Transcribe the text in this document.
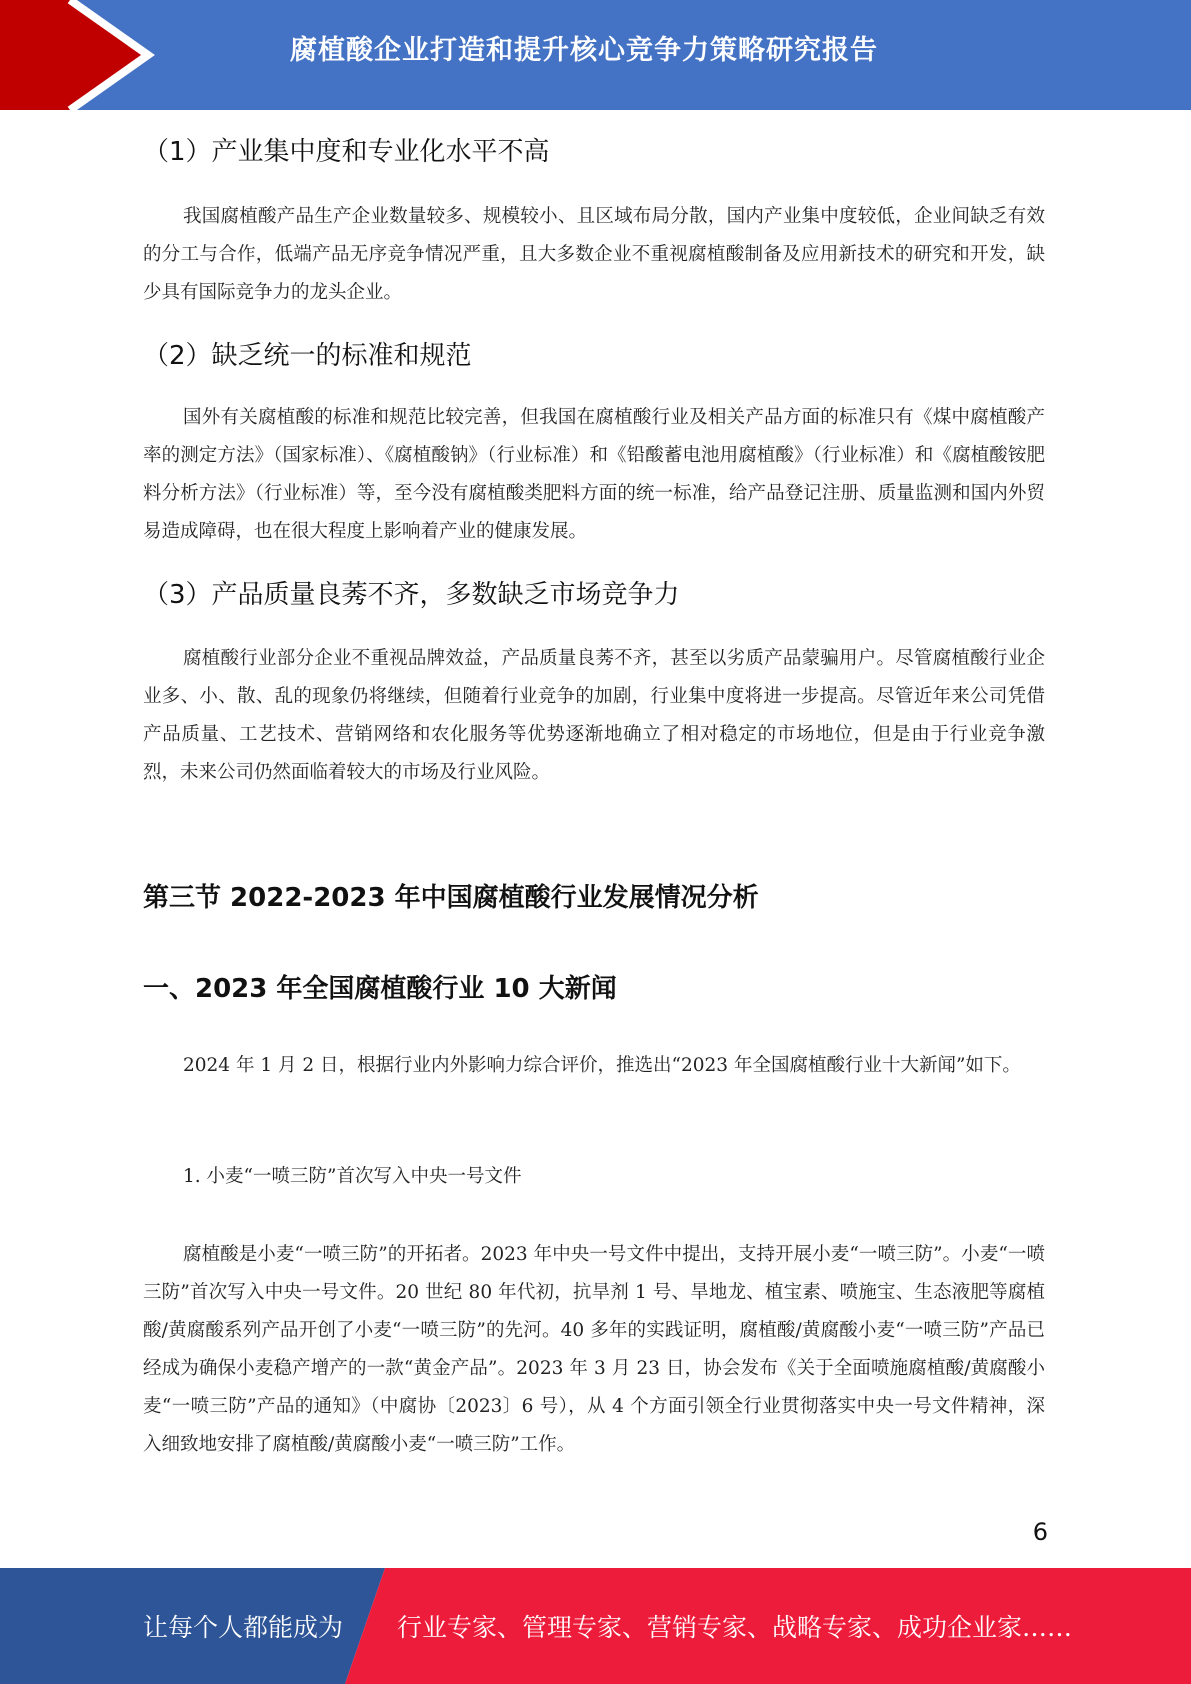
腐植酸企业打造和提升核心竞争力策略研究报告
（1）产业集中度和专业化水平不高

我国腐植酸产品生产企业数量较多、规模较小、且区域布局分散，国内产业集中度较低，企业间缺乏有效的分工与合作，低端产品无序竞争情况严重，且大多数企业不重视腐植酸制备及应用新技术的研究和开发，缺少具有国际竞争力的龙头企业。

（2）缺乏统一的标准和规范

国外有关腐植酸的标准和规范比较完善，但我国在腐植酸行业及相关产品方面的标准只有《煤中腐植酸产率的测定方法》（国家标准）、《腐植酸钠》（行业标准）和《铅酸蓄电池用腐植酸》（行业标准）和《腐植酸铵肥料分析方法》（行业标准）等，至今没有腐植酸类肥料方面的统一标准，给产品登记注册、质量监测和国内外贸易造成障碍，也在很大程度上影响着产业的健康发展。

（3）产品质量良莠不齐，多数缺乏市场竞争力

腐植酸行业部分企业不重视品牌效益，产品质量良莠不齐，甚至以劣质产品蒙骗用户。尽管腐植酸行业企业多、小、散、乱的现象仍将继续，但随着行业竞争的加剧，行业集中度将进一步提高。尽管近年来公司凭借产品质量、工艺技术、营销网络和农化服务等优势逐渐地确立了相对稳定的市场地位，但是由于行业竞争激烈，未来公司仍然面临着较大的市场及行业风险。

第三节 2022-2023 年中国腐植酸行业发展情况分析
一、2023 年全国腐植酸行业 10 大新闻

2024 年 1 月 2 日，根据行业内外影响力综合评价，推选出“2023 年全国腐植酸行业十大新闻”如下。

1. 小麦“一喷三防”首次写入中央一号文件

腐植酸是小麦“一喷三防”的开拓者。2023 年中央一号文件中提出，支持开展小麦“一喷三防”。小麦“一喷三防”首次写入中央一号文件。20 世纪 80 年代初，抗旱剂 1 号、旱地龙、植宝素、喷施宝、生态液肥等腐植酸/黄腐酸系列产品开创了小麦“一喷三防”的先河。40 多年的实践证明，腐植酸/黄腐酸小麦“一喷三防”产品已经成为确保小麦稳产增产的一款“黄金产品”。2023 年 3 月 23 日，协会发布《关于全面喷施腐植酸/黄腐酸小麦“一喷三防”产品的通知》（中腐协〔2023〕6 号），从 4 个方面引领全行业贯彻落实中央一号文件精神，深入细致地安排了腐植酸/黄腐酸小麦“一喷三防”工作。

6
让每个人都能成为 行业专家、管理专家、营销专家、战略专家、成功企业家……
